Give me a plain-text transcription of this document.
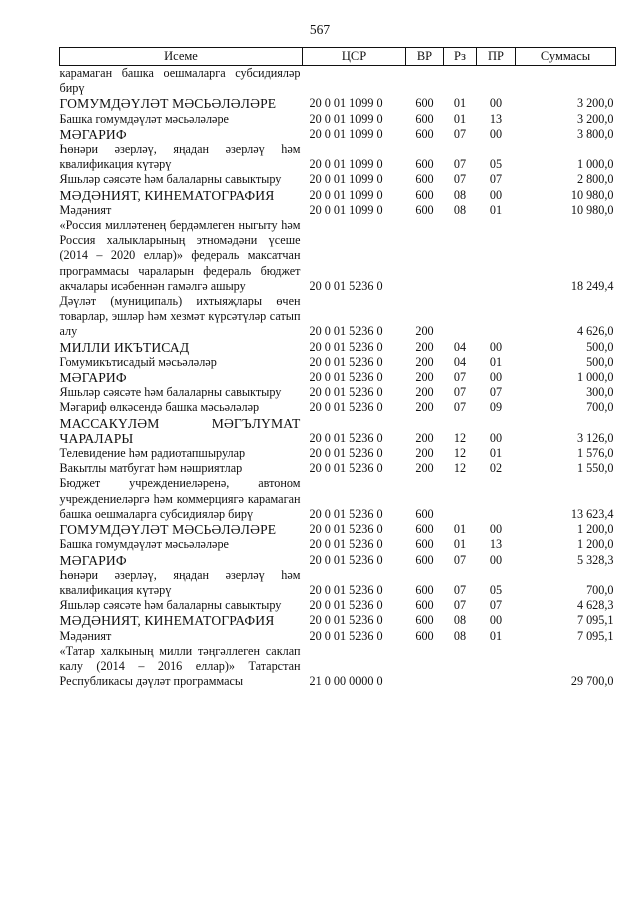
567
Исеме	ЦСР	ВР	Рз	ПР	Суммасы
карамаган башка оешмаларга субсидияләр бирү					
ГОМУМДӘҮЛӘТ МӘСЬӘЛӘЛӘРЕ	20 0 01 1099 0	600	01	00	3 200,0
Башка гомумдәүләт мәсьәләләре	20 0 01 1099 0	600	01	13	3 200,0
МӘГАРИФ	20 0 01 1099 0	600	07	00	3 800,0
Һөнәри әзерләү, яңадан әзерләү һәм квалификация күтәрү	20 0 01 1099 0	600	07	05	1 000,0
Яшьләр сәясәте һәм балаларны савыктыру	20 0 01 1099 0	600	07	07	2 800,0
МӘДӘНИЯТ, КИНЕМАТОГРАФИЯ	20 0 01 1099 0	600	08	00	10 980,0
Мәдәният	20 0 01 1099 0	600	08	01	10 980,0
«Россия милләтенең бердәмлеген ныгыту һәм Россия халыкларының этномәдәни үсеше (2014 – 2020 еллар)» федераль максатчан программасы чараларын федераль бюджет акчалары исәбеннән гамәлгә ашыру	20 0 01 5236 0				18 249,4
Дәүләт (муниципаль) ихтыяҗлары өчен товарлар, эшләр һәм хезмәт күрсәтүләр сатып алу	20 0 01 5236 0	200			4 626,0
МИЛЛИ ИКЪТИСАД	20 0 01 5236 0	200	04	00	500,0
Гомумикътисадый мәсьәләләр	20 0 01 5236 0	200	04	01	500,0
МӘГАРИФ	20 0 01 5236 0	200	07	00	1 000,0
Яшьләр сәясәте һәм балаларны савыктыру	20 0 01 5236 0	200	07	07	300,0
Мәгариф өлкәсендә башка мәсьәләләр	20 0 01 5236 0	200	07	09	700,0
МАССАКҮЛӘМ МӘГЪЛҮМАТ ЧАРАЛАРЫ	20 0 01 5236 0	200	12	00	3 126,0
Телевидение һәм радиотапшырулар	20 0 01 5236 0	200	12	01	1 576,0
Вакытлы матбугат һәм нәшриятлар	20 0 01 5236 0	200	12	02	1 550,0
Бюджет учреждениеләренә, автоном учреждениеләргә һәм коммерциягә карамаган башка оешмаларга субсидияләр бирү	20 0 01 5236 0	600			13 623,4
ГОМУМДӘҮЛӘТ МӘСЬӘЛӘЛӘРЕ	20 0 01 5236 0	600	01	00	1 200,0
Башка гомумдәүләт мәсьәләләре	20 0 01 5236 0	600	01	13	1 200,0
МӘГАРИФ	20 0 01 5236 0	600	07	00	5 328,3
Һөнәри әзерләү, яңадан әзерләү һәм квалификация күтәрү	20 0 01 5236 0	600	07	05	700,0
Яшьләр сәясәте һәм балаларны савыктыру	20 0 01 5236 0	600	07	07	4 628,3
МӘДӘНИЯТ, КИНЕМАТОГРАФИЯ	20 0 01 5236 0	600	08	00	7 095,1
Мәдәният	20 0 01 5236 0	600	08	01	7 095,1
«Татар халкының милли тәңгәллеген саклап калу (2014 – 2016 еллар)» Татарстан Республикасы дәүләт программасы	21 0 00 0000 0				29 700,0
